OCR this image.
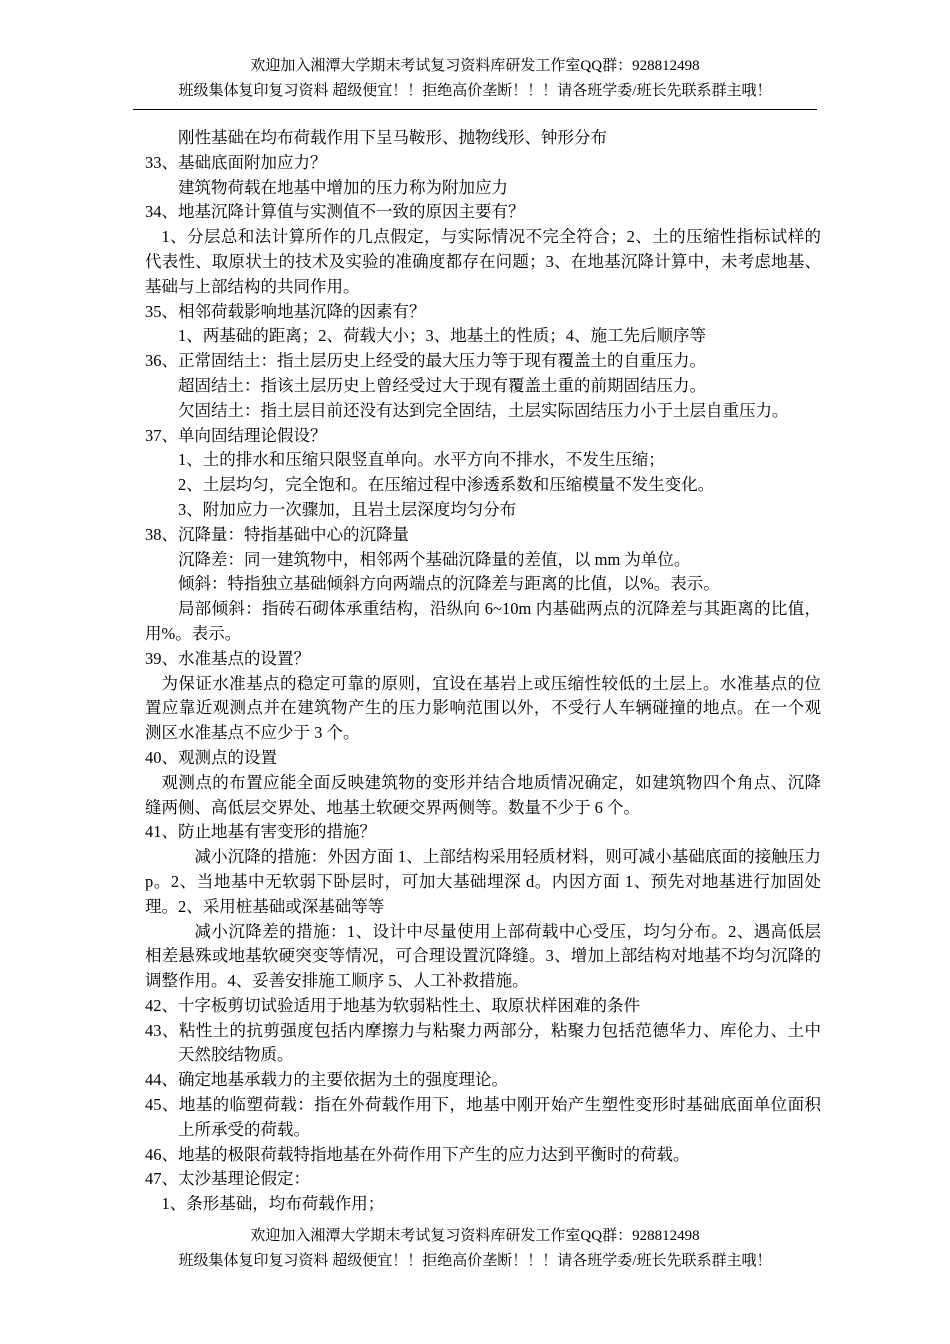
欢迎加入湘潭大学期末考试复习资料库研发工作室QQ群：928812498
班级集体复印复习资料 超级便宜！！拒绝高价垄断！！！请各班学委/班长先联系群主哦！
刚性基础在均布荷载作用下呈马鞍形、抛物线形、钟形分布
33、基础底面附加应力？
建筑物荷载在地基中增加的压力称为附加应力
34、地基沉降计算值与实测值不一致的原因主要有？
1、分层总和法计算所作的几点假定，与实际情况不完全符合；2、土的压缩性指标试样的代表性、取原状土的技术及实验的准确度都存在问题；3、在地基沉降计算中，未考虑地基、基础与上部结构的共同作用。
35、相邻荷载影响地基沉降的因素有？
1、两基础的距离；2、荷载大小；3、地基土的性质；4、施工先后顺序等
36、正常固结土：指土层历史上经受的最大压力等于现有覆盖土的自重压力。
超固结土：指该土层历史上曾经受过大于现有覆盖土重的前期固结压力。
欠固结土：指土层目前还没有达到完全固结，土层实际固结压力小于土层自重压力。
37、单向固结理论假设？
1、土的排水和压缩只限竖直单向。水平方向不排水，不发生压缩；
2、土层均匀，完全饱和。在压缩过程中渗透系数和压缩模量不发生变化。
3、附加应力一次骤加，且岩土层深度均匀分布
38、沉降量：特指基础中心的沉降量
沉降差：同一建筑物中，相邻两个基础沉降量的差值，以 mm 为单位。
倾斜：特指独立基础倾斜方向两端点的沉降差与距离的比值，以%。表示。
局部倾斜：指砖石砌体承重结构，沿纵向 6~10m 内基础两点的沉降差与其距离的比值，用%。表示。
39、水准基点的设置？
为保证水准基点的稳定可靠的原则，宜设在基岩上或压缩性较低的土层上。水准基点的位置应靠近观测点并在建筑物产生的压力影响范围以外，不受行人车辆碰撞的地点。在一个观测区水准基点不应少于 3 个。
40、观测点的设置
观测点的布置应能全面反映建筑物的变形并结合地质情况确定，如建筑物四个角点、沉降缝两侧、高低层交界处、地基土软硬交界两侧等。数量不少于 6 个。
41、防止地基有害变形的措施？
减小沉降的措施：外因方面 1、上部结构采用轻质材料，则可减小基础底面的接触压力 p。2、当地基中无软弱下卧层时，可加大基础埋深 d。内因方面 1、预先对地基进行加固处理。2、采用桩基础或深基础等等
减小沉降差的措施：1、设计中尽量使用上部荷载中心受压，均匀分布。2、遇高低层相差悬殊或地基软硬突变等情况，可合理设置沉降缝。3、增加上部结构对地基不均匀沉降的调整作用。4、妥善安排施工顺序 5、人工补救措施。
42、十字板剪切试验适用于地基为软弱粘性土、取原状样困难的条件
43、粘性土的抗剪强度包括内摩擦力与粘聚力两部分，粘聚力包括范德华力、库伦力、土中天然胶结物质。
44、确定地基承载力的主要依据为土的强度理论。
45、地基的临塑荷载：指在外荷载作用下，地基中刚开始产生塑性变形时基础底面单位面积上所承受的荷载。
46、地基的极限荷载特指地基在外荷作用下产生的应力达到平衡时的荷载。
47、太沙基理论假定：
1、条形基础，均布荷载作用；
欢迎加入湘潭大学期末考试复习资料库研发工作室QQ群：928812498
班级集体复印复习资料 超级便宜！！拒绝高价垄断！！！请各班学委/班长先联系群主哦！
